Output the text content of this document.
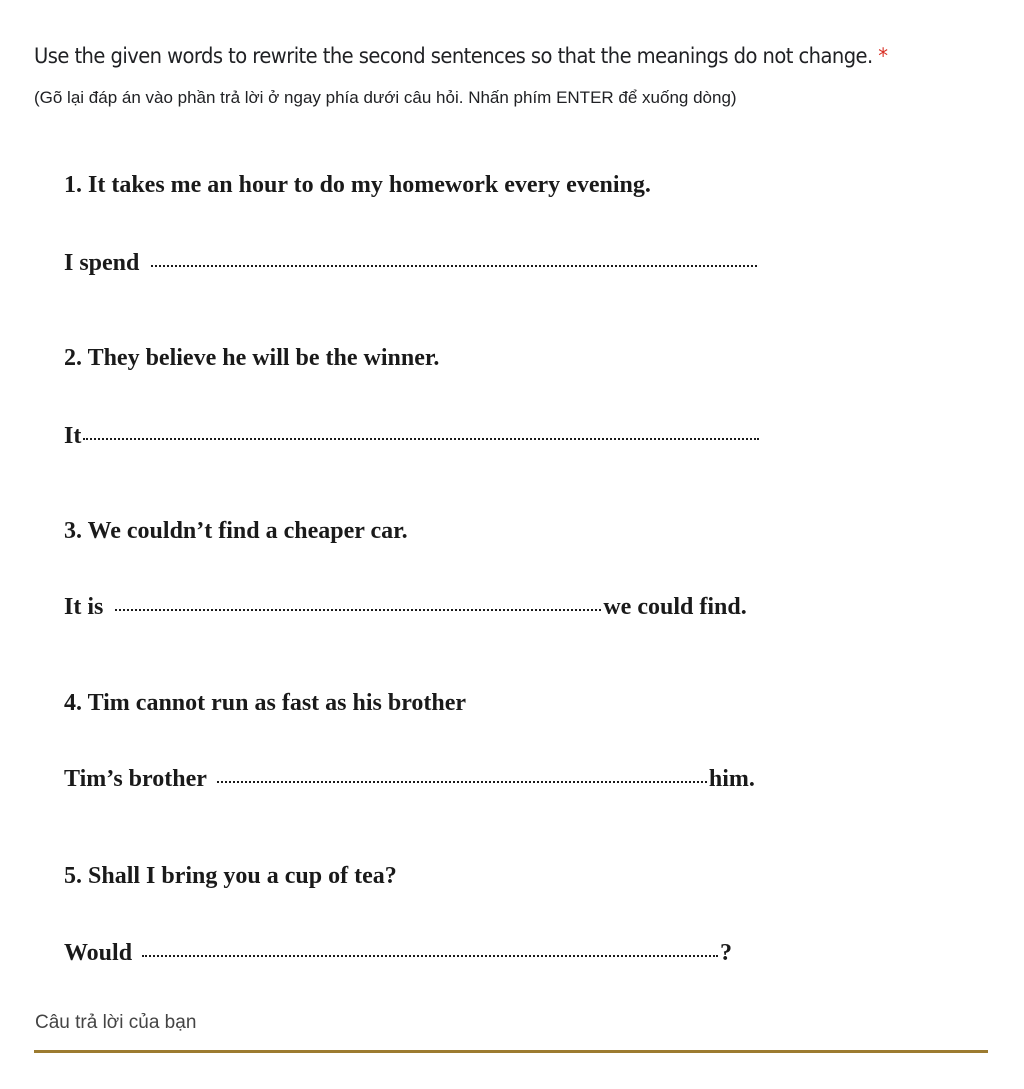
Use the given words to rewrite the second sentences so that the meanings do not change. *
(Gõ lại đáp án vào phần trả lời ở ngay phía dưới câu hỏi. Nhấn phím ENTER để xuống dòng)
1. It takes me an hour to do my homework every evening.
I spend
2. They believe he will be the winner.
It
3. We couldn’t find a cheaper car.
It is	we could find.
4. Tim cannot run as fast as his brother
Tim’s brother	him.
5. Shall I bring you a cup of tea?
Would	?
Câu trả lời của bạn
